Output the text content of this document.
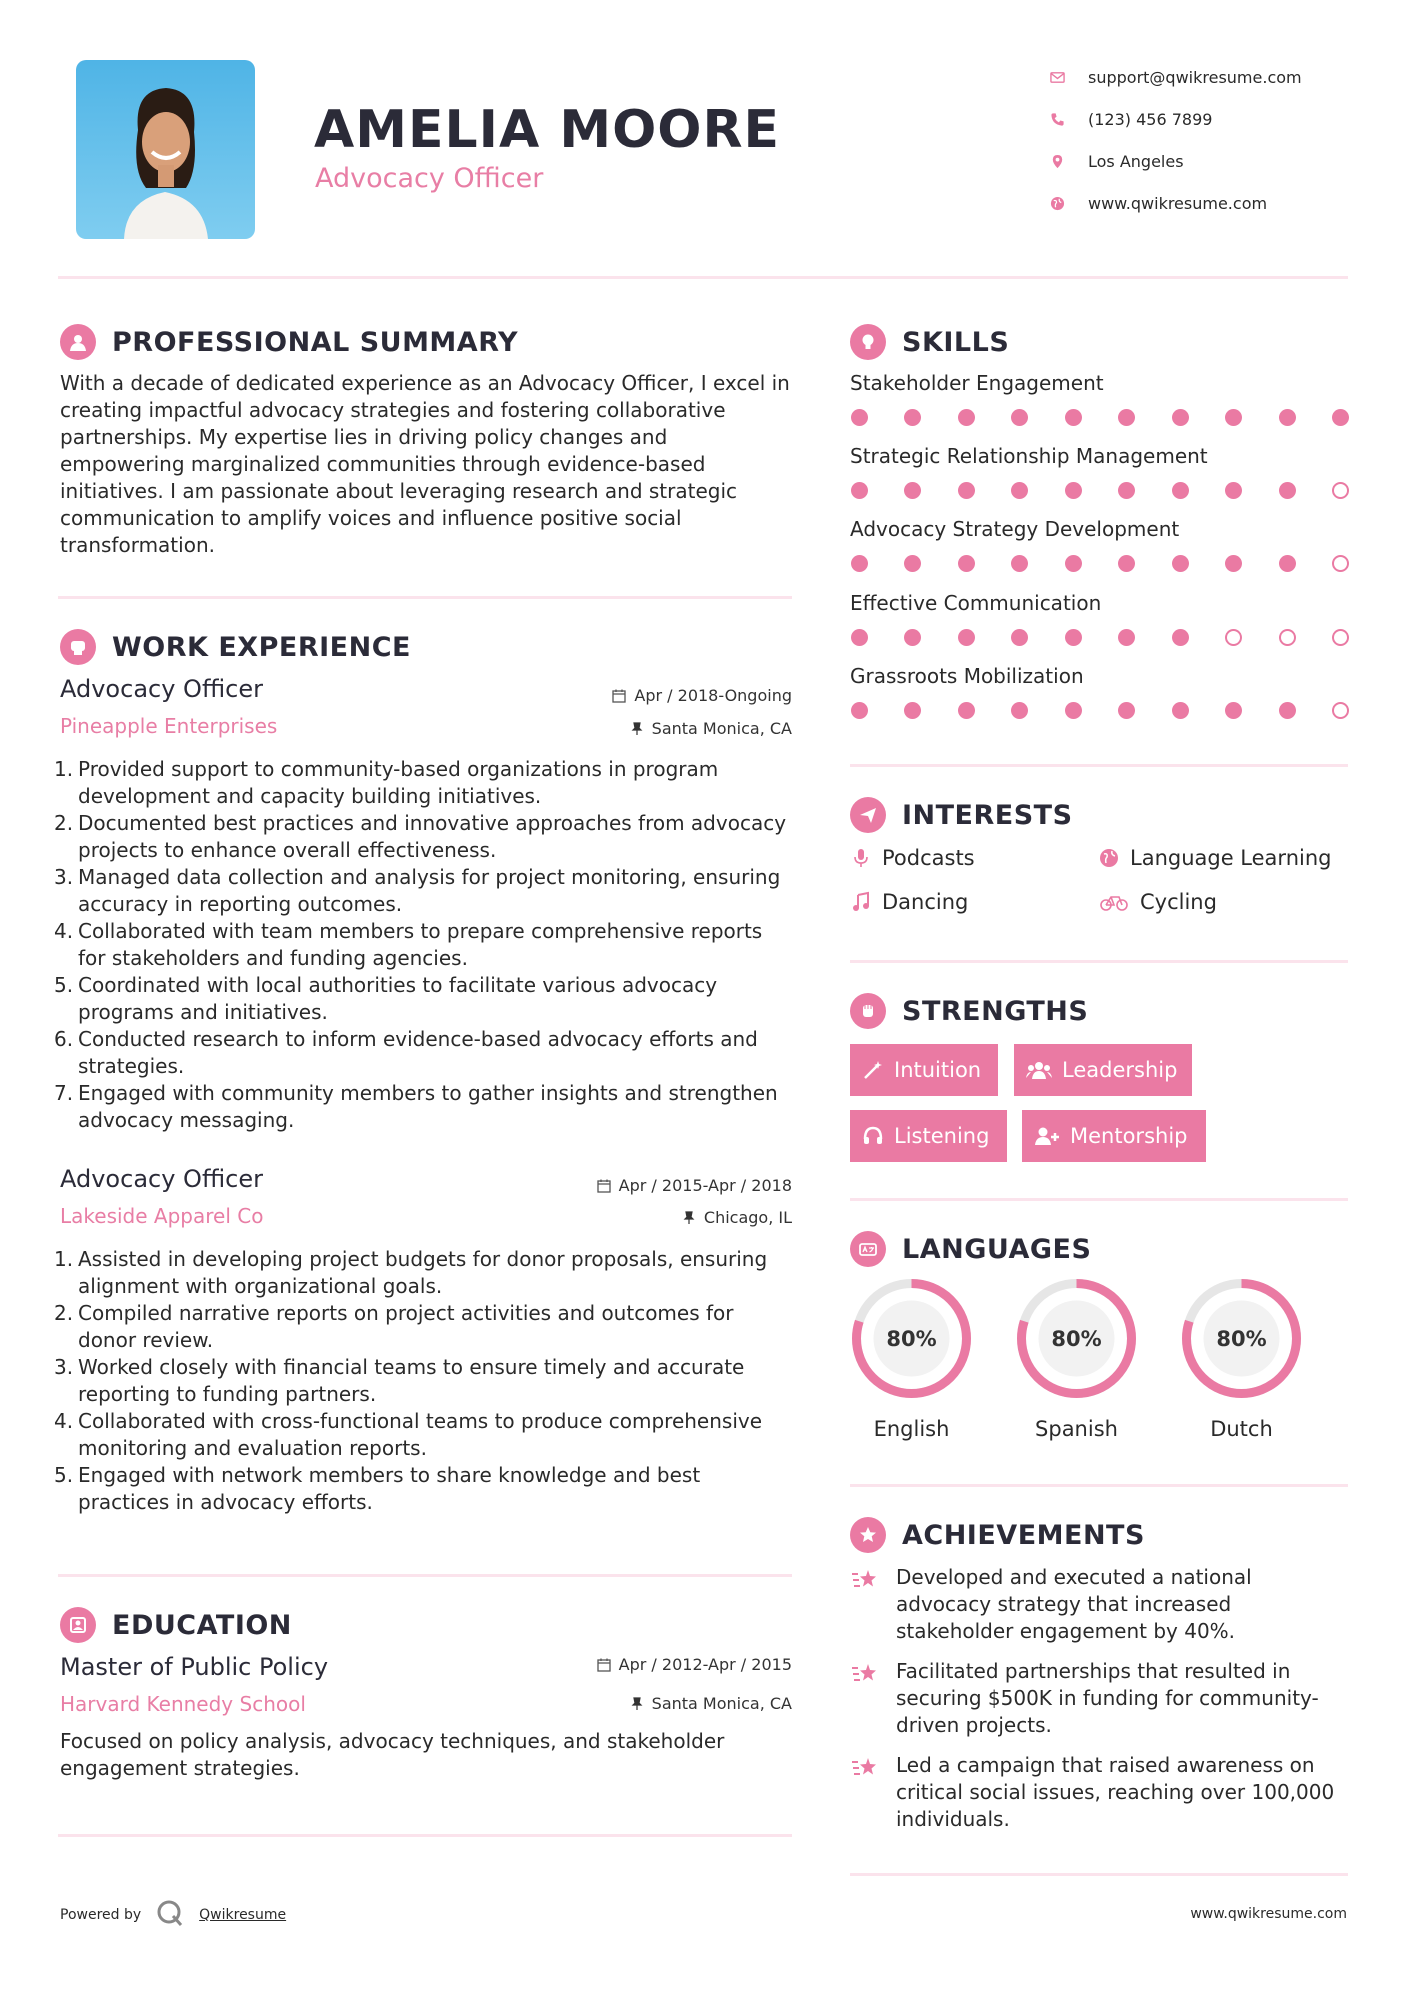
AMELIA MOORE
Advocacy Officer
support@qwikresume.com
(123) 456 7899
Los Angeles
www.qwikresume.com
PROFESSIONAL SUMMARY
With a decade of dedicated experience as an Advocacy Officer, I excel in creating impactful advocacy strategies and fostering collaborative partnerships. My expertise lies in driving policy changes and empowering marginalized communities through evidence-based initiatives. I am passionate about leveraging research and strategic communication to amplify voices and influence positive social transformation.
WORK EXPERIENCE
Advocacy Officer	Apr / 2018-Ongoing
Pineapple Enterprises	Santa Monica, CA
1. Provided support to community-based organizations in program development and capacity building initiatives.
2. Documented best practices and innovative approaches from advocacy projects to enhance overall effectiveness.
3. Managed data collection and analysis for project monitoring, ensuring accuracy in reporting outcomes.
4. Collaborated with team members to prepare comprehensive reports for stakeholders and funding agencies.
5. Coordinated with local authorities to facilitate various advocacy programs and initiatives.
6. Conducted research to inform evidence-based advocacy efforts and strategies.
7. Engaged with community members to gather insights and strengthen advocacy messaging.
Advocacy Officer	Apr / 2015-Apr / 2018
Lakeside Apparel Co	Chicago, IL
1. Assisted in developing project budgets for donor proposals, ensuring alignment with organizational goals.
2. Compiled narrative reports on project activities and outcomes for donor review.
3. Worked closely with financial teams to ensure timely and accurate reporting to funding partners.
4. Collaborated with cross-functional teams to produce comprehensive monitoring and evaluation reports.
5. Engaged with network members to share knowledge and best practices in advocacy efforts.
EDUCATION
Master of Public Policy	Apr / 2012-Apr / 2015
Harvard Kennedy School	Santa Monica, CA
Focused on policy analysis, advocacy techniques, and stakeholder engagement strategies.
SKILLS
Stakeholder Engagement
Strategic Relationship Management
Advocacy Strategy Development
Effective Communication
Grassroots Mobilization
INTERESTS
Podcasts	Language Learning
Dancing	Cycling
STRENGTHS
Intuition	Leadership
Listening	Mentorship
LANGUAGES
80%
English
80%
Spanish
80%
Dutch
ACHIEVEMENTS
Developed and executed a national advocacy strategy that increased stakeholder engagement by 40%.
Facilitated partnerships that resulted in securing $500K in funding for community-driven projects.
Led a campaign that raised awareness on critical social issues, reaching over 100,000 individuals.
Powered by	Qwikresume	www.qwikresume.com
